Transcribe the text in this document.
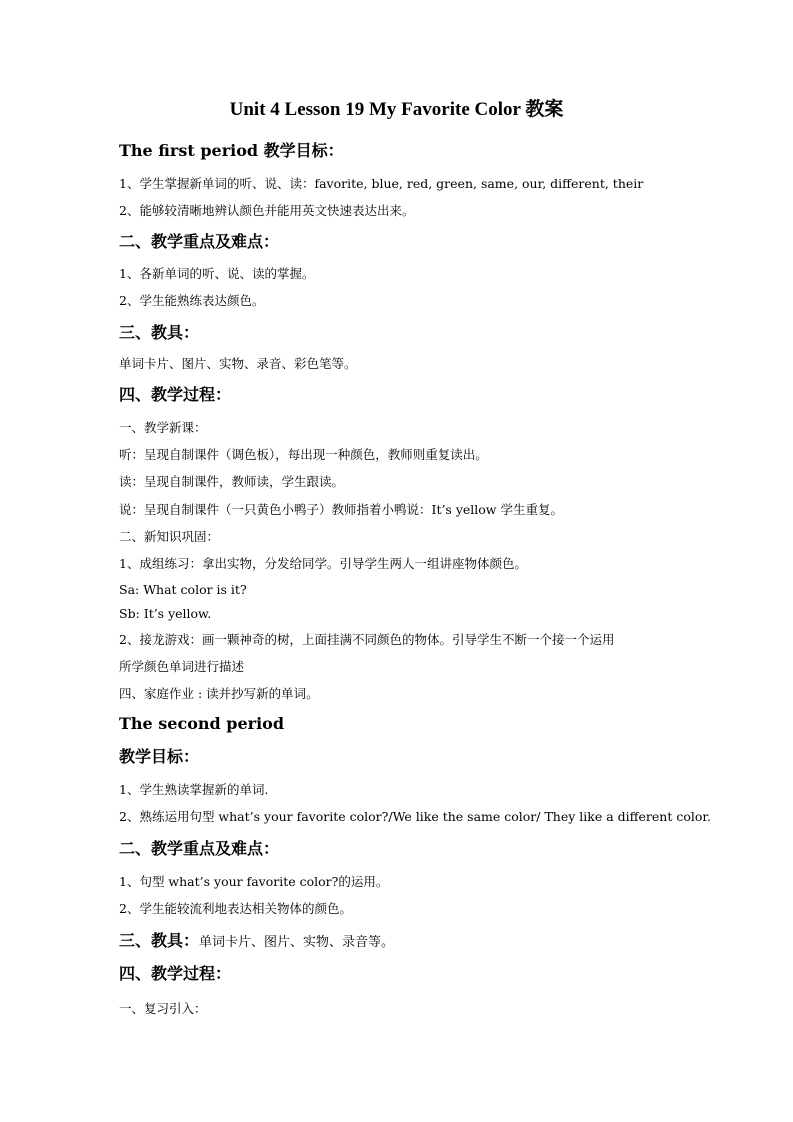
Unit 4 Lesson 19 My Favorite Color 教案
The first period 教学目标：
1、学生掌握新单词的听、说、读：favorite, blue, red, green, same, our, different, their
2、能够较清晰地辨认颜色并能用英文快速表达出来。
二、教学重点及难点：
1、各新单词的听、说、读的掌握。
2、学生能熟练表达颜色。
三、教具：
单词卡片、图片、实物、录音、彩色笔等。
四、教学过程：
一、教学新课：
听：呈现自制课件（调色板），每出现一种颜色，教师则重复读出。
读：呈现自制课件，教师读，学生跟读。
说：呈现自制课件（一只黄色小鸭子）教师指着小鸭说：It’s yellow 学生重复。
二、新知识巩固：
1、成组练习：拿出实物，分发给同学。引导学生两人一组讲座物体颜色。
Sa: What color is it?
Sb: It’s yellow.
2、接龙游戏：画一颗神奇的树，上面挂满不同颜色的物体。引导学生不断一个接一个运用
所学颜色单词进行描述
四、家庭作业 : 读并抄写新的单词。
The second period
教学目标：
1、学生熟读掌握新的单词.
2、熟练运用句型 what’s your favorite color?/We like the same color/ They like a different color.
二、教学重点及难点：
1、句型 what’s your favorite color?的运用。
2、学生能较流利地表达相关物体的颜色。
三、教具：单词卡片、图片、实物、录音等。
四、教学过程：
一、复习引入：
